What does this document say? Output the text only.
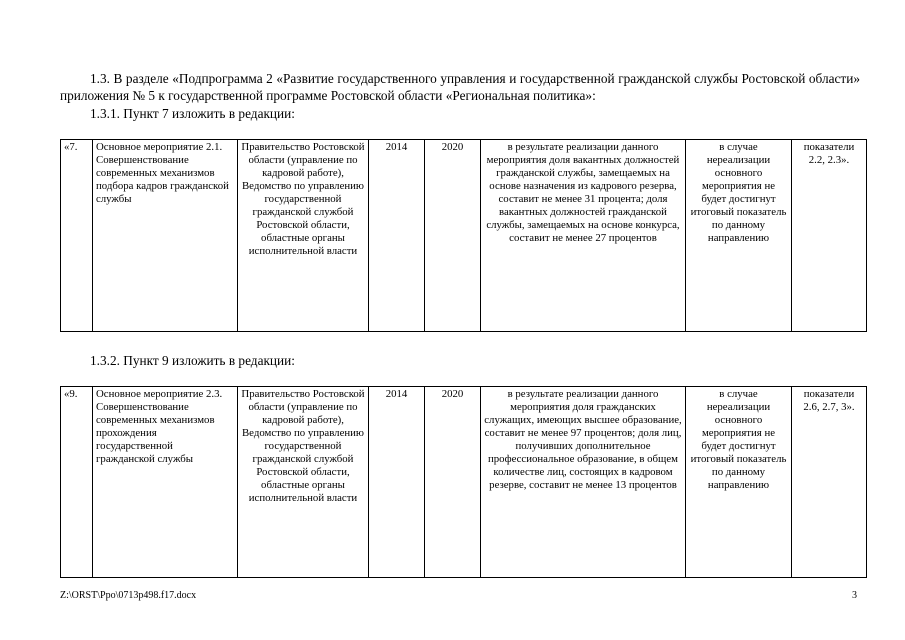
1.3. В разделе «Подпрограмма 2 «Развитие государственного управления и государственной гражданской службы Ростовской области» приложения № 5 к государственной программе Ростовской области «Региональная политика»:
1.3.1. Пункт 7 изложить в редакции:
«7.	Основное мероприятие 2.1. Совершенствование современных механизмов подбора кадров гражданской службы	Правительство Ростовской области (управление по кадровой работе), Ведомство по управлению государственной гражданской службой Ростовской области, областные органы исполнительной власти	2014	2020	в результате реализации данного мероприятия доля вакантных должностей гражданской службы, замещаемых на основе назначения из кадрового резерва, составит не менее 31 процента; доля вакантных должностей гражданской службы, замещаемых на основе конкурса, составит не менее 27 процентов	в случае нереализации основного мероприятия не будет достигнут итоговый показатель по данному направлению	показатели 2.2, 2.3».
1.3.2. Пункт 9 изложить в редакции:
«9.	Основное мероприятие 2.3. Совершенствование современных механизмов прохождения государственной гражданской службы	Правительство Ростовской области (управление по кадровой работе), Ведомство по управлению государственной гражданской службой Ростовской области, областные органы исполнительной власти	2014	2020	в результате реализации данного мероприятия доля гражданских служащих, имеющих высшее образование, составит не менее 97 процентов; доля лиц, получивших дополнительное профессиональное образование, в общем количестве лиц, состоящих в кадровом резерве, составит не менее 13 процентов	в случае нереализации основного мероприятия не будет достигнут итоговый показатель по данному направлению	показатели 2.6, 2.7, 3».
Z:\ORST\Ppo\0713p498.f17.docx	3
